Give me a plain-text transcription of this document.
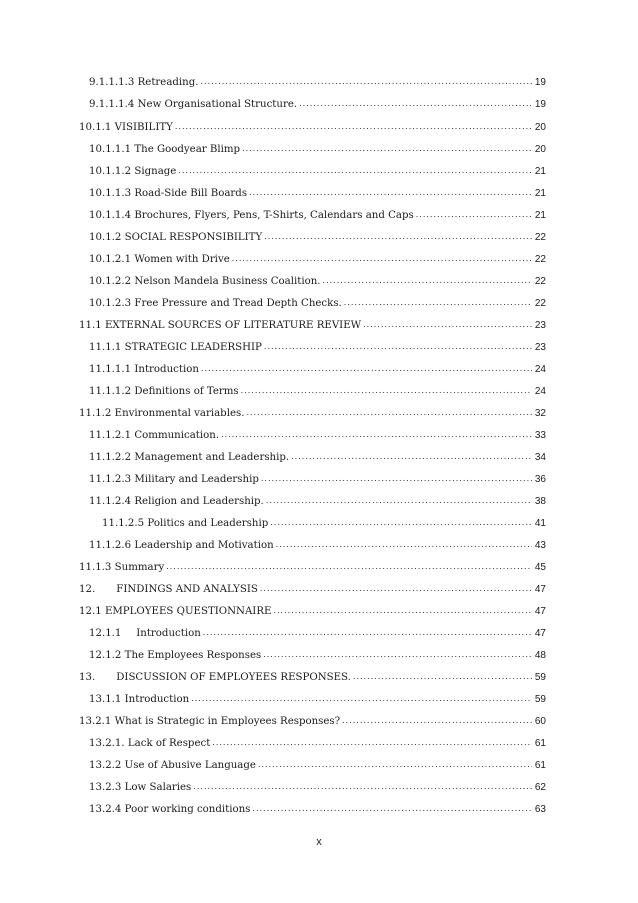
9.1.1.1.3 Retreading. .....	19
9.1.1.1.4 New Organisational Structure. .....	19
10.1.1 VISIBILITY .....	20
10.1.1.1 The Goodyear Blimp .....	20
10.1.1.2 Signage .....	21
10.1.1.3 Road-Side Bill Boards .....	21
10.1.1.4 Brochures, Flyers, Pens, T-Shirts, Calendars and Caps .....	21
10.1.2 SOCIAL RESPONSIBILITY .....	22
10.1.2.1 Women with Drive .....	22
10.1.2.2 Nelson Mandela Business Coalition. .....	22
10.1.2.3 Free Pressure and Tread Depth Checks. .....	22
11.1 EXTERNAL SOURCES OF LITERATURE REVIEW .....	23
11.1.1 STRATEGIC LEADERSHIP .....	23
11.1.1.1 Introduction .....	24
11.1.1.2 Definitions of Terms .....	24
11.1.2 Environmental variables. .....	32
11.1.2.1 Communication. .....	33
11.1.2.2 Management and Leadership. .....	34
11.1.2.3 Military and Leadership .....	36
11.1.2.4 Religion and Leadership. .....	38
11.1.2.5 Politics and Leadership .....	41
11.1.2.6 Leadership and Motivation .....	43
11.1.3 Summary .....	45
12. FINDINGS AND ANALYSIS .....	47
12.1 EMPLOYEES QUESTIONNAIRE .....	47
12.1.1 Introduction .....	47
12.1.2 The Employees Responses .....	48
13. DISCUSSION OF EMPLOYEES RESPONSES. .....	59
13.1.1 Introduction .....	59
13.2.1 What is Strategic in Employees Responses? .....	60
13.2.1. Lack of Respect .....	61
13.2.2 Use of Abusive Language .....	61
13.2.3 Low Salaries .....	62
13.2.4 Poor working conditions .....	63
x
